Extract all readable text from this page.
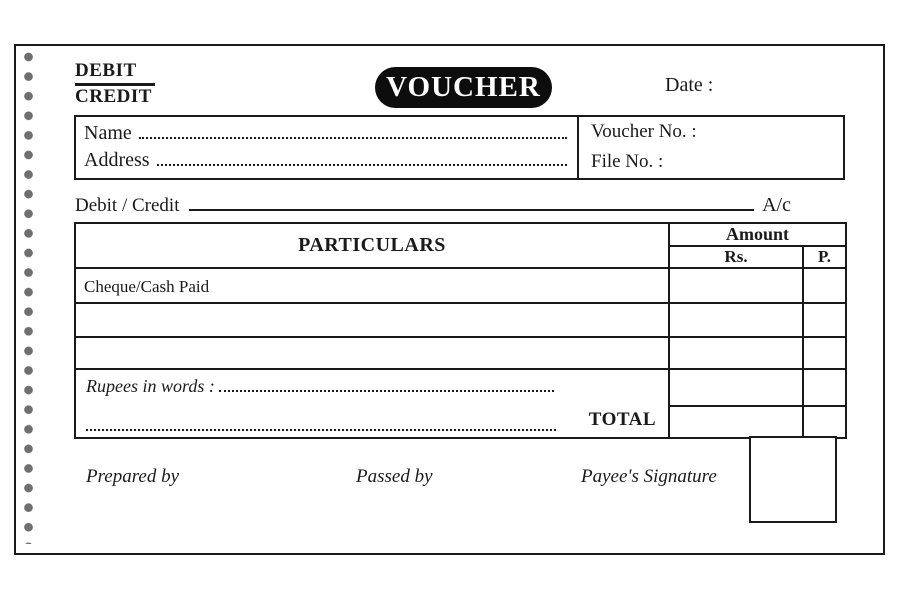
DEBIT
CREDIT	VOUCHER	Date :
Name
Address
Voucher No. :
File No. :
Debit / Credit	A/c
PARTICULARS	Amount	
	Rs.	P.
Cheque/Cash Paid		

Rupees in words :
TOTAL		

Prepared by	Passed by	Payee's Signature
